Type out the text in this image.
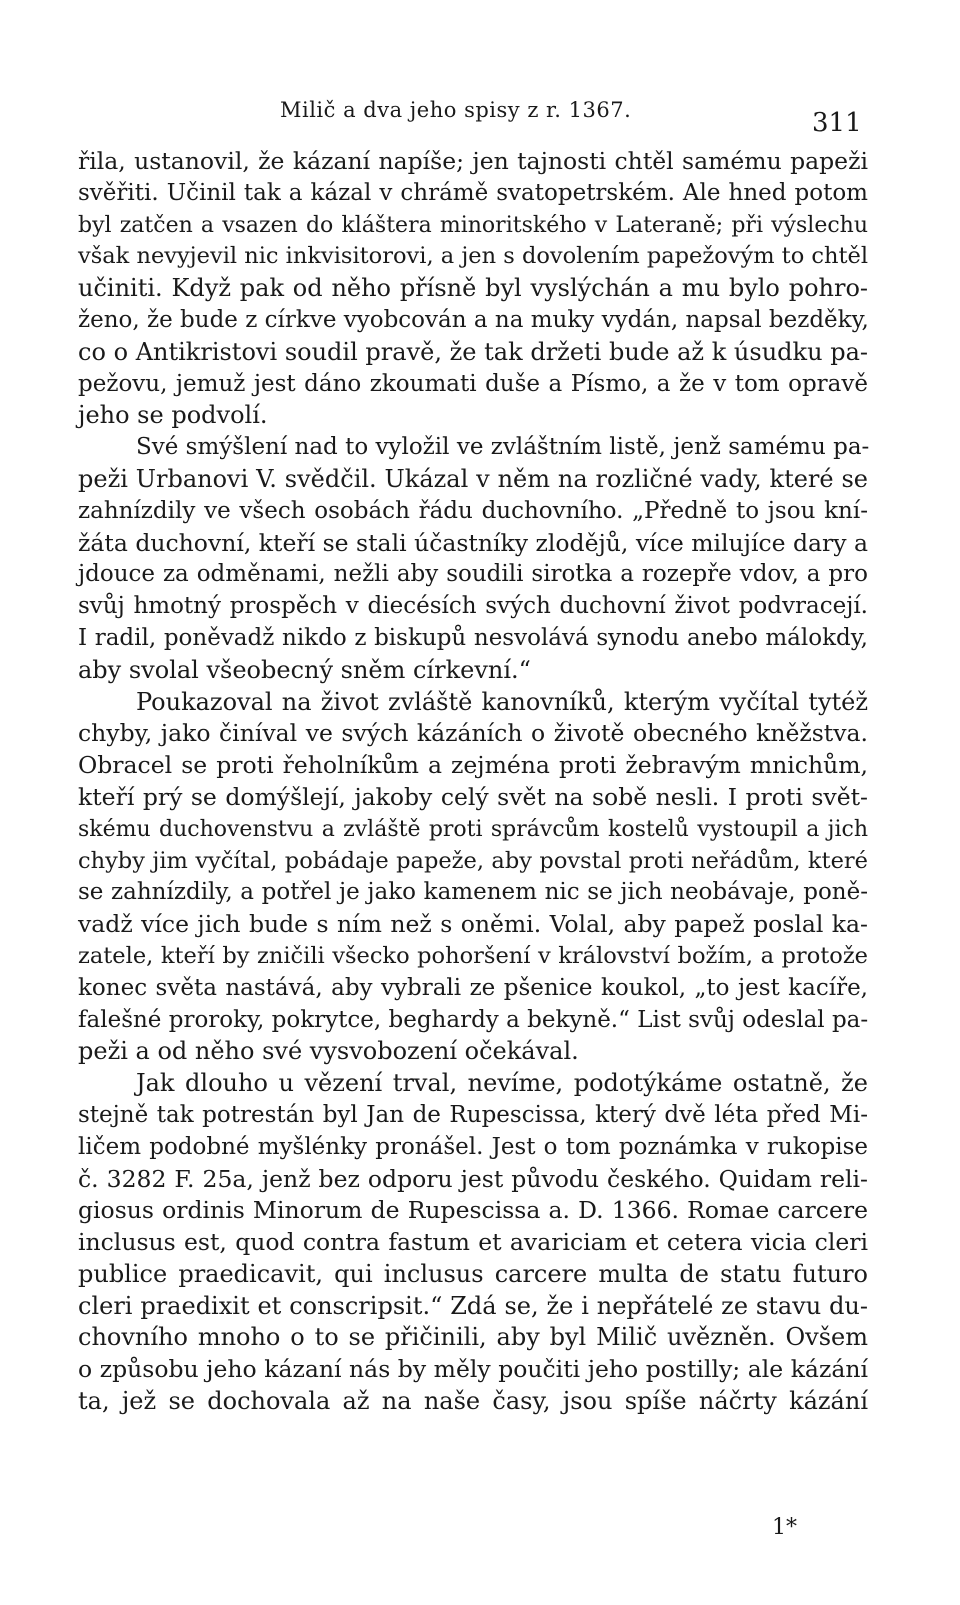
Milič a dva jeho spisy z r. 1367.	311
řila, ustanovil, že kázaní napíše; jen tajnosti chtěl samému papeži
svěřiti. Učinil tak a kázal v chrámě svatopetrském. Ale hned potom
byl zatčen a vsazen do kláštera minoritského v Lateraně; při výslechu
však nevyjevil nic inkvisitorovi, a jen s dovolením papežovým to chtěl
učiniti. Když pak od něho přísně byl vyslýchán a mu bylo pohro-
ženo, že bude z církve vyobcován a na muky vydán, napsal bezděky,
co o Antikristovi soudil pravě, že tak držeti bude až k úsudku pa-
pežovu, jemuž jest dáno zkoumati duše a Písmo, a že v tom opravě
jeho se podvolí.
Své smýšlení nad to vyložil ve zvláštním listě, jenž samému pa-
peži Urbanovi V. svědčil. Ukázal v něm na rozličné vady, které se
zahnízdily ve všech osobách řádu duchovního. „Předně to jsou kní-
žáta duchovní, kteří se stali účastníky zlodějů, více milujíce dary a
jdouce za odměnami, nežli aby soudili sirotka a rozepře vdov, a pro
svůj hmotný prospěch v diecésích svých duchovní život podvracejí.
I radil, poněvadž nikdo z biskupů nesvolává synodu anebo málokdy,
aby svolal všeobecný sněm církevní.“
Poukazoval na život zvláště kanovníků, kterým vyčítal tytéž
chyby, jako činíval ve svých kázáních o životě obecného kněžstva.
Obracel se proti řeholníkům a zejména proti žebravým mnichům,
kteří prý se domýšlejí, jakoby celý svět na sobě nesli. I proti svět-
skému duchovenstvu a zvláště proti správcům kostelů vystoupil a jich
chyby jim vyčítal, pobádaje papeže, aby povstal proti neřádům, které
se zahnízdily, a potřel je jako kamenem nic se jich neobávaje, poně-
vadž více jich bude s ním než s oněmi. Volal, aby papež poslal ka-
zatele, kteří by zničili všecko pohoršení v království božím, a protože
konec světa nastává, aby vybrali ze pšenice koukol, „to jest kacíře,
falešné proroky, pokrytce, beghardy a bekyně.“ List svůj odeslal pa-
peži a od něho své vysvobození očekával.
Jak dlouho u vězení trval, nevíme, podotýkáme ostatně, že
stejně tak potrestán byl Jan de Rupescissa, který dvě léta před Mi-
ličem podobné myšlénky pronášel. Jest o tom poznámka v rukopise
č. 3282 F. 25a, jenž bez odporu jest původu českého. Quidam reli-
giosus ordinis Minorum de Rupescissa a. D. 1366. Romae carcere
inclusus est, quod contra fastum et avariciam et cetera vicia cleri
publice praedicavit, qui inclusus carcere multa de statu futuro
cleri praedixit et conscripsit.“ Zdá se, že i nepřátelé ze stavu du-
chovního mnoho o to se přičinili, aby byl Milič uvězněn. Ovšem
o způsobu jeho kázaní nás by měly poučiti jeho postilly; ale kázání
ta, jež se dochovala až na naše časy, jsou spíše náčrty kázání
1*
